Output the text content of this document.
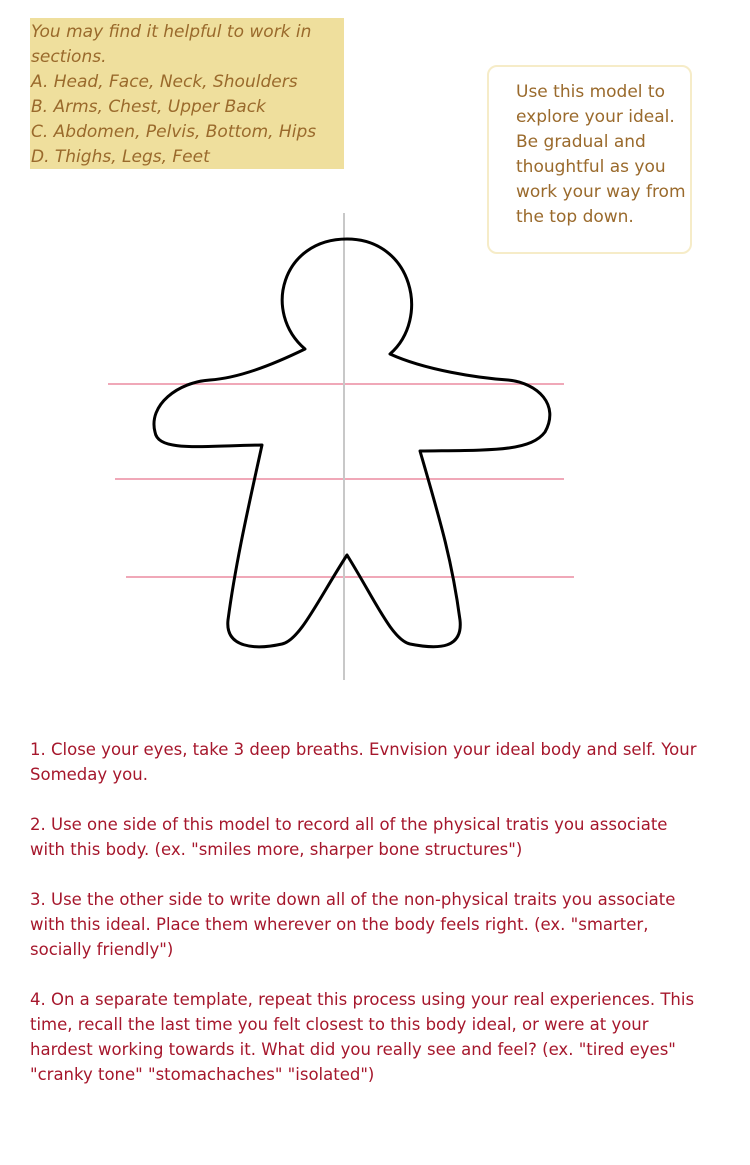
You may find it helpful to work in
sections.
A. Head, Face, Neck, Shoulders
B. Arms, Chest, Upper Back
C. Abdomen, Pelvis, Bottom, Hips
D. Thighs, Legs, Feet
Use this model to
explore your ideal.
Be gradual and
thoughtful as you
work your way from
the top down.
1. Close your eyes, take 3 deep breaths. Evnvision your ideal body and self. Your
Someday you.
2. Use one side of this model to record all of the physical tratis you associate
with this body. (ex. "smiles more, sharper bone structures")
3. Use the other side to write down all of the non-physical traits you associate
with this ideal. Place them wherever on the body feels right. (ex. "smarter,
socially friendly")
4. On a separate template, repeat this process using your real experiences. This
time, recall the last time you felt closest to this body ideal, or were at your
hardest working towards it. What did you really see and feel? (ex. "tired eyes"
"cranky tone" "stomachaches" "isolated")
